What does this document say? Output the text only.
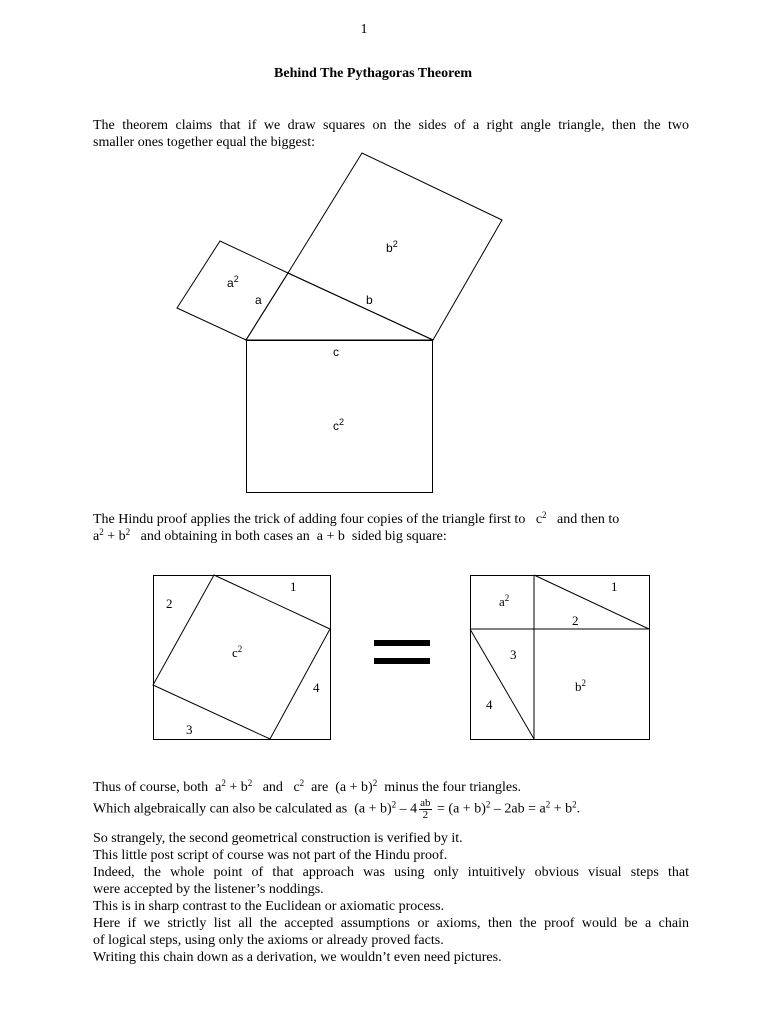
1
Behind The Pythagoras Theorem
The theorem claims that if we draw squares on the sides of a right angle triangle, then the two
smaller ones together equal the biggest:
$b^2$
$a^2$
a	b
c
$c^2$
The Hindu proof applies the trick of adding four copies of the triangle first to $c^2$ and then to
$a^2 + b^2$ and obtaining in both cases an a + b sided big square:
1
2
3
4
$c^2$
1
2
3
4
$a^2$
$b^2$
Thus of course, both $a^2 + b^2$ and $c^2$ are $(a + b)^2$ minus the four triangles.
Which algebraically can also be calculated as $(a + b)^2 - 4 \frac{ab}{2} = (a + b)^2 - 2ab = a^2 + b^2$.
So strangely, the second geometrical construction is verified by it.
This little post script of course was not part of the Hindu proof.
Indeed, the whole point of that approach was using only intuitively obvious visual steps that
were accepted by the listener’s noddings.
This is in sharp contrast to the Euclidean or axiomatic process.
Here if we strictly list all the accepted assumptions or axioms, then the proof would be a chain
of logical steps, using only the axioms or already proved facts.
Writing this chain down as a derivation, we wouldn’t even need pictures.
